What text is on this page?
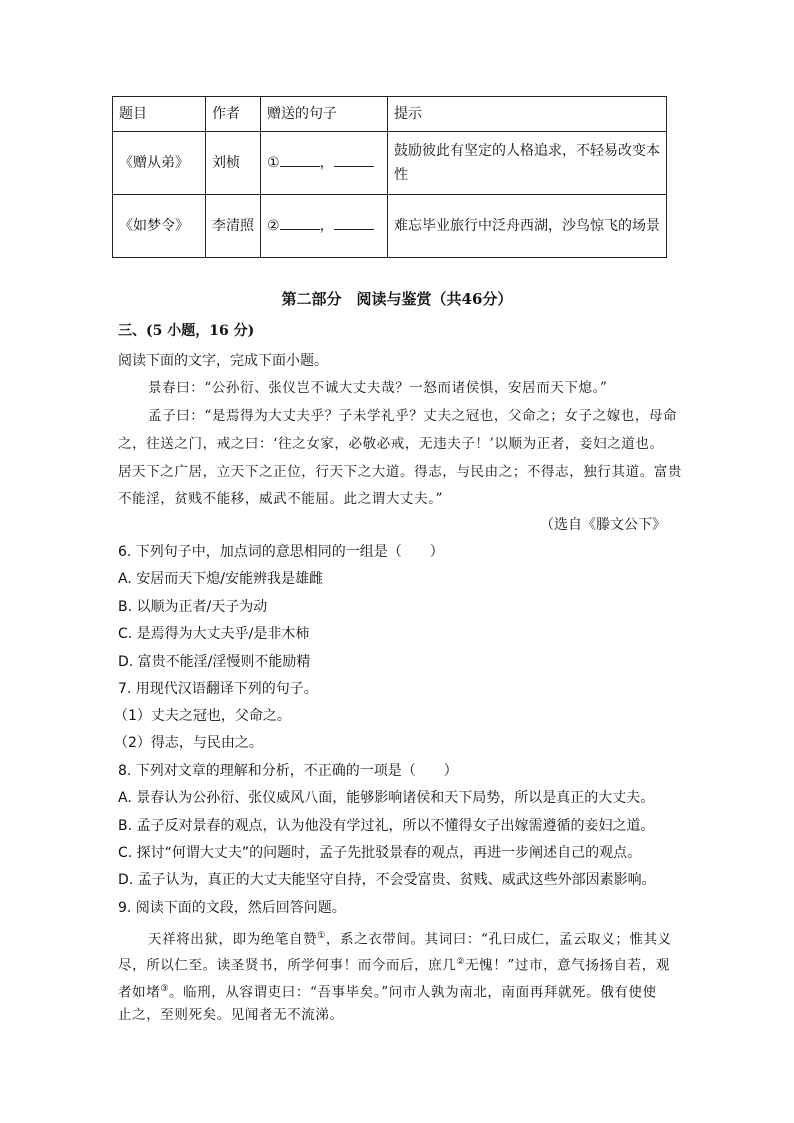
题目	作者	赠送的句子	提示
《赠从弟》	刘桢	① ，	鼓励彼此有坚定的人格追求，不轻易改变本性
《如梦令》	李清照	② ，	难忘毕业旅行中泛舟西湖，沙鸟惊飞的场景
第二部分　阅读与鉴赏（共46分）
三、(5 小题，16 分)
阅读下面的文字，完成下面小题。
景春曰：“公孙衍、张仪岂不诚大丈夫哉？一怒而诸侯惧，安居而天下熄。”
孟子曰：“是焉得为大丈夫乎？子未学礼乎？丈夫之冠也，父命之；女子之嫁也，母命
之，往送之门，戒之曰：‘往之女家，必敬必戒，无违夫子！’以顺为正者，妾妇之道也。
居天下之广居，立天下之正位，行天下之大道。得志，与民由之；不得志，独行其道。富贵
不能淫，贫贱不能移，威武不能屈。此之谓大丈夫。”
（选自《滕文公下》
6. 下列句子中，加点词的意思相同的一组是（　　）
A. 安居而天下熄/安能辨我是雄雌
B. 以顺为正者/天子为动
C. 是焉得为大丈夫乎/是非木柿
D. 富贵不能淫/淫慢则不能励精
7. 用现代汉语翻译下列的句子。
（1）丈夫之冠也，父命之。
（2）得志，与民由之。
8. 下列对文章的理解和分析，不正确的一项是（　　）
A. 景春认为公孙衍、张仪威风八面，能够影响诸侯和天下局势，所以是真正的大丈夫。
B. 孟子反对景春的观点，认为他没有学过礼，所以不懂得女子出嫁需遵循的妾妇之道。
C. 探讨“何谓大丈夫”的问题时，孟子先批驳景春的观点，再进一步阐述自己的观点。
D. 孟子认为，真正的大丈夫能坚守自持，不会受富贵、贫贱、威武这些外部因素影响。
9. 阅读下面的文段，然后回答问题。
天祥将出狱，即为绝笔自赞①，系之衣带间。其词曰：“孔曰成仁，孟云取义；惟其义
尽，所以仁至。读圣贤书，所学何事！而今而后，庶几②无愧！”过市，意气扬扬自若，观
者如堵③。临刑，从容谓吏曰：“吾事毕矣。”问市人孰为南北，南面再拜就死。俄有使使
止之，至则死矣。见闻者无不流涕。
